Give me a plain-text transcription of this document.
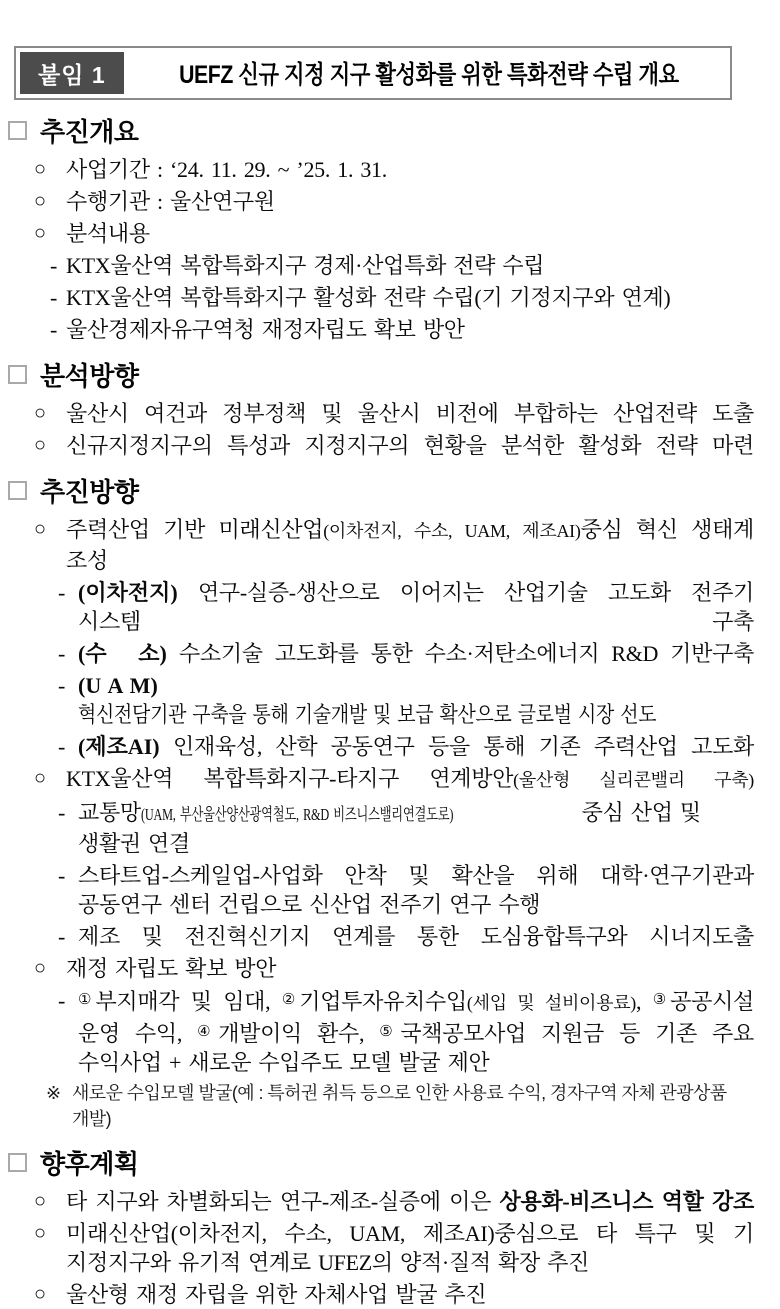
붙임 1	UEFZ 신규 지정 지구 활성화를 위한 특화전략 수립 개요
추진개요
○ 사업기간 : ‘24. 11. 29. ~ ’25. 1. 31.
○ 수행기관 : 울산연구원
○ 분석내용
- KTX울산역 복합특화지구 경제·산업특화 전략 수립
- KTX울산역 복합특화지구 활성화 전략 수립(기 기정지구와 연계)
- 울산경제자유구역청 재정자립도 확보 방안
분석방향
○ 울산시 여건과 정부정책 및 울산시 비전에 부합하는 산업전략 도출
○ 신규지정지구의 특성과 지정지구의 현황을 분석한 활성화 전략 마련
추진방향
○ 주력산업 기반 미래신산업(이차전지, 수소, UAM, 제조AI)중심 혁신 생태계 조성
- (이차전지) 연구-실증-생산으로 이어지는 산업기술 고도화 전주기 시스템 구축
- (수　소) 수소기술 고도화를 통한 수소·저탄소에너지 R&D 기반구축
- (U A M)혁신전담기관 구축을 통해 기술개발 및 보급 확산으로 글로벌 시장 선도
- (제조AI) 인재육성, 산학 공동연구 등을 통해 기존 주력산업 고도화
○ KTX울산역 복합특화지구-타지구 연계방안(울산형 실리콘밸리 구축)
- 교통망(UAM, 부산울산양산광역철도, R&D 비즈니스밸리연결도로)	중심 산업 및 생활권 연결
- 스타트업-스케일업-사업화 안착 및 확산을 위해 대학·연구기관과 공동연구 센터 건립으로 신산업 전주기 연구 수행
- 제조 및 전진혁신기지 연계를 통한 도심융합특구와 시너지도출
○ 재정 자립도 확보 방안
- ①부지매각 및 임대, ②기업투자유치수입(세입 및 설비이용료), ③공공시설 운영 수익, ④개발이익 환수, ⑤국책공모사업 지원금 등 기존 주요 수익사업 + 새로운 수입주도 모델 발굴 제안
※ 새로운 수입모델 발굴(예 : 특허권 취득 등으로 인한 사용료 수익, 경자구역 자체 관광상품 개발)
향후계획
○ 타 지구와 차별화되는 연구-제조-실증에 이은 상용화-비즈니스 역할 강조
○ 미래신산업(이차전지, 수소, UAM, 제조AI)중심으로 타 특구 및 기 지정지구와 유기적 연계로 UFEZ의 양적·질적 확장 추진
○ 울산형 재정 자립을 위한 자체사업 발굴 추진
